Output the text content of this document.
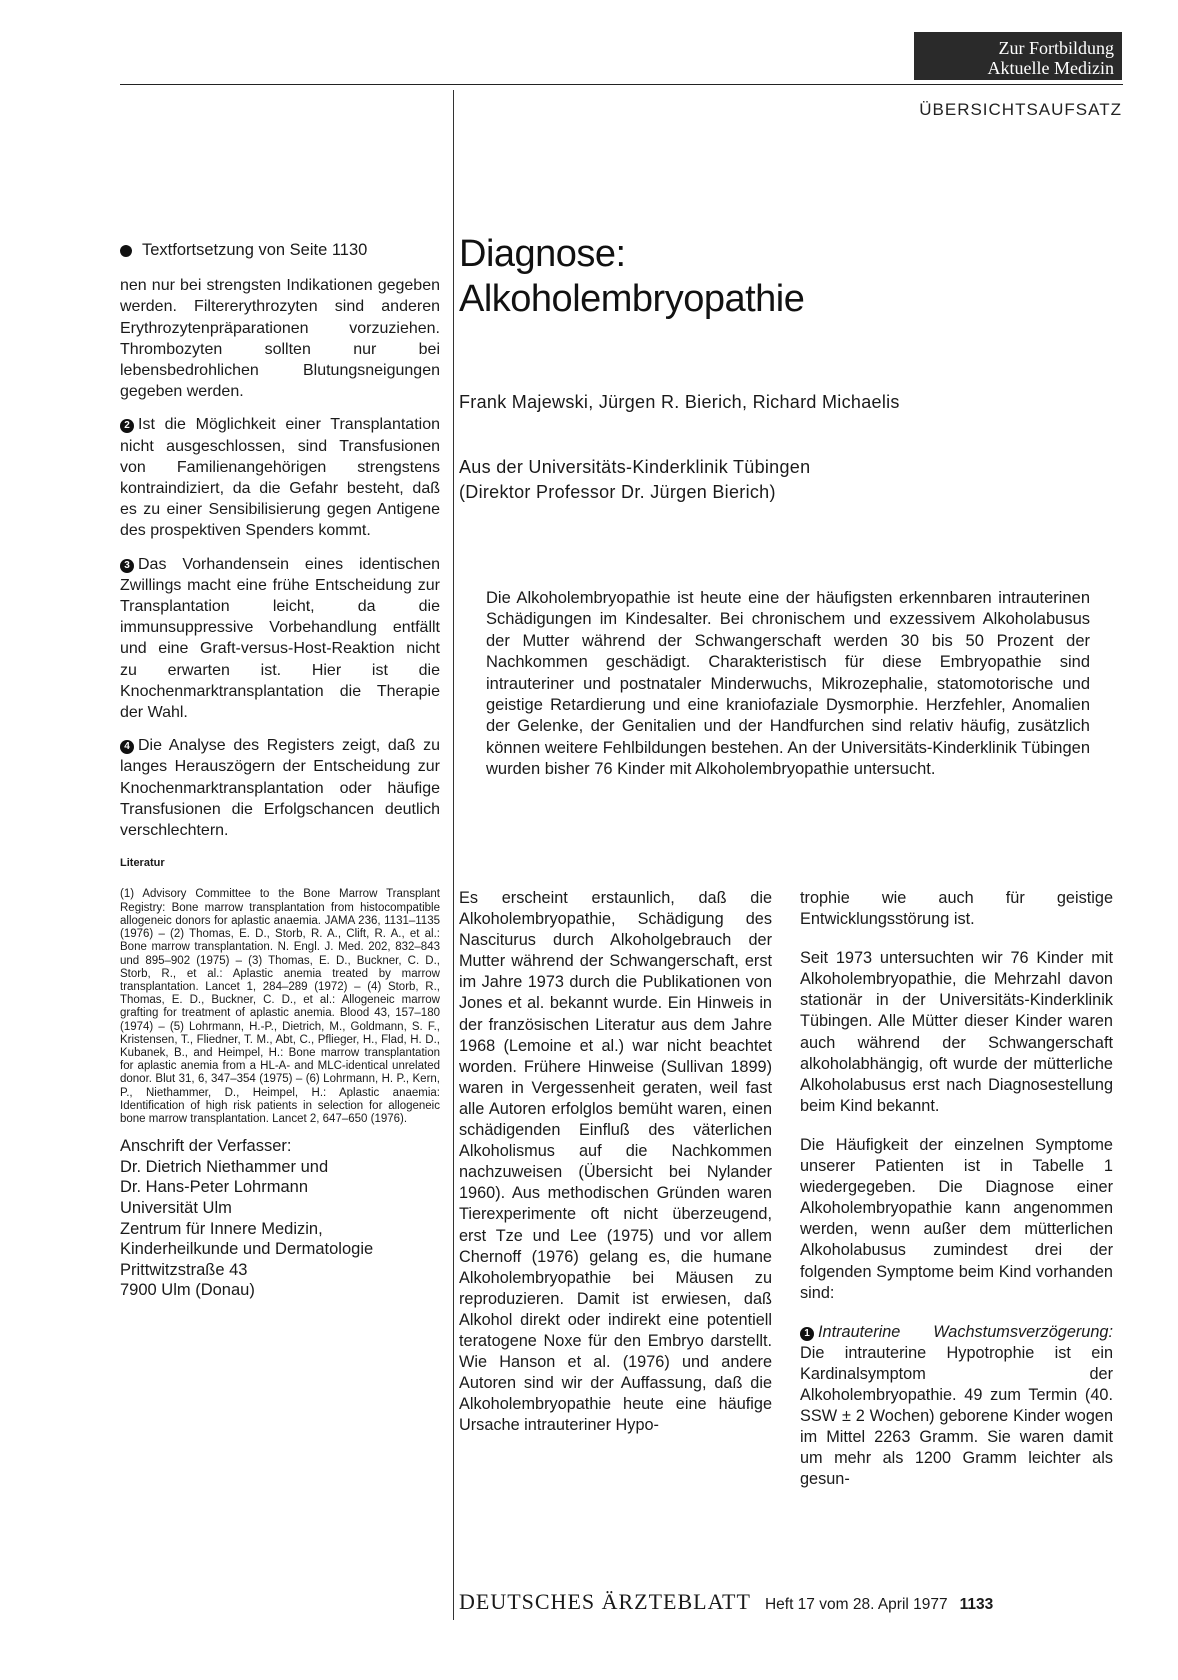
Zur Fortbildung
Aktuelle Medizin
ÜBERSICHTSAUFSATZ
Textfortsetzung von Seite 1130

nen nur bei strengsten Indikationen gegeben werden. Filtererythrozyten sind anderen Erythrozytenpräparationen vorzuziehen. Thrombozyten sollten nur bei lebensbedrohlichen Blutungsneigungen gegeben werden.

2 Ist die Möglichkeit einer Transplantation nicht ausgeschlossen, sind Transfusionen von Familienangehörigen strengstens kontraindiziert, da die Gefahr besteht, daß es zu einer Sensibilisierung gegen Antigene des prospektiven Spenders kommt.

3 Das Vorhandensein eines identischen Zwillings macht eine frühe Entscheidung zur Transplantation leicht, da die immunsuppressive Vorbehandlung entfällt und eine Graft-versus-Host-Reaktion nicht zu erwarten ist. Hier ist die Knochenmarktransplantation die Therapie der Wahl.

4 Die Analyse des Registers zeigt, daß zu langes Herauszögern der Entscheidung zur Knochenmarktransplantation oder häufige Transfusionen die Erfolgschancen deutlich verschlechtern.

Literatur
(1) Advisory Committee to the Bone Marrow Transplant Registry: Bone marrow transplantation from histocompatible allogeneic donors for aplastic anaemia. JAMA 236, 1131–1135 (1976) – (2) Thomas, E. D., Storb, R. A., Clift, R. A., et al.: Bone marrow transplantation. N. Engl. J. Med. 202, 832–843 und 895–902 (1975) – (3) Thomas, E. D., Buckner, C. D., Storb, R., et al.: Aplastic anemia treated by marrow transplantation. Lancet 1, 284–289 (1972) – (4) Storb, R., Thomas, E. D., Buckner, C. D., et al.: Allogeneic marrow grafting for treatment of aplastic anemia. Blood 43, 157–180 (1974) – (5) Lohrmann, H.-P., Dietrich, M., Goldmann, S. F., Kristensen, T., Fliedner, T. M., Abt, C., Pflieger, H., Flad, H. D., Kubanek, B., and Heimpel, H.: Bone marrow transplantation for aplastic anemia from a HL-A- and MLC-identical unrelated donor. Blut 31, 6, 347–354 (1975) – (6) Lohrmann, H. P., Kern, P., Niethammer, D., Heimpel, H.: Aplastic anaemia: Identification of high risk patients in selection for allogeneic bone marrow transplantation. Lancet 2, 647–650 (1976).
Anschrift der Verfasser:
Dr. Dietrich Niethammer und
Dr. Hans-Peter Lohrmann
Universität Ulm
Zentrum für Innere Medizin,
Kinderheilkunde und Dermatologie
Prittwitzstraße 43
7900 Ulm (Donau)
Diagnose:
Alkoholembryopathie
Frank Majewski, Jürgen R. Bierich, Richard Michaelis
Aus der Universitäts-Kinderklinik Tübingen
(Direktor Professor Dr. Jürgen Bierich)
Die Alkoholembryopathie ist heute eine der häufigsten erkennbaren intrauterinen Schädigungen im Kindesalter. Bei chronischem und exzessivem Alkoholabusus der Mutter während der Schwangerschaft werden 30 bis 50 Prozent der Nachkommen geschädigt. Charakteristisch für diese Embryopathie sind intrauteriner und postnataler Minderwuchs, Mikrozephalie, statomotorische und geistige Retardierung und eine kraniofaziale Dysmorphie. Herzfehler, Anomalien der Gelenke, der Genitalien und der Handfurchen sind relativ häufig, zusätzlich können weitere Fehlbildungen bestehen. An der Universitäts-Kinderklinik Tübingen wurden bisher 76 Kinder mit Alkoholembryopathie untersucht.

Es erscheint erstaunlich, daß die Alkoholembryopathie, Schädigung des Nasciturus durch Alkoholgebrauch der Mutter während der Schwangerschaft, erst im Jahre 1973 durch die Publikationen von Jones et al. bekannt wurde. Ein Hinweis in der französischen Literatur aus dem Jahre 1968 (Lemoine et al.) war nicht beachtet worden. Frühere Hinweise (Sullivan 1899) waren in Vergessenheit geraten, weil fast alle Autoren erfolglos bemüht waren, einen schädigenden Einfluß des väterlichen Alkoholismus auf die Nachkommen nachzuweisen (Übersicht bei Nylander 1960). Aus methodischen Gründen waren Tierexperimente oft nicht überzeugend, erst Tze und Lee (1975) und vor allem Chernoff (1976) gelang es, die humane Alkoholembryopathie bei Mäusen zu reproduzieren. Damit ist erwiesen, daß Alkohol direkt oder indirekt eine potentiell teratogene Noxe für den Embryo darstellt. Wie Hanson et al. (1976) und andere Autoren sind wir der Auffassung, daß die Alkoholembryopathie heute eine häufige Ursache intrauteriner Hypo-

trophie wie auch für geistige Entwicklungsstörung ist.

Seit 1973 untersuchten wir 76 Kinder mit Alkoholembryopathie, die Mehrzahl davon stationär in der Universitäts-Kinderklinik Tübingen. Alle Mütter dieser Kinder waren auch während der Schwangerschaft alkoholabhängig, oft wurde der mütterliche Alkoholabusus erst nach Diagnosestellung beim Kind bekannt.

Die Häufigkeit der einzelnen Symptome unserer Patienten ist in Tabelle 1 wiedergegeben. Die Diagnose einer Alkoholembryopathie kann angenommen werden, wenn außer dem mütterlichen Alkoholabusus zumindest drei der folgenden Symptome beim Kind vorhanden sind:

1 Intrauterine Wachstumsverzögerung: Die intrauterine Hypotrophie ist ein Kardinalsymptom der Alkoholembryopathie. 49 zum Termin (40. SSW ± 2 Wochen) geborene Kinder wogen im Mittel 2263 Gramm. Sie waren damit um mehr als 1200 Gramm leichter als gesun-

DEUTSCHES ÄRZTEBLATT Heft 17 vom 28. April 1977 1133
